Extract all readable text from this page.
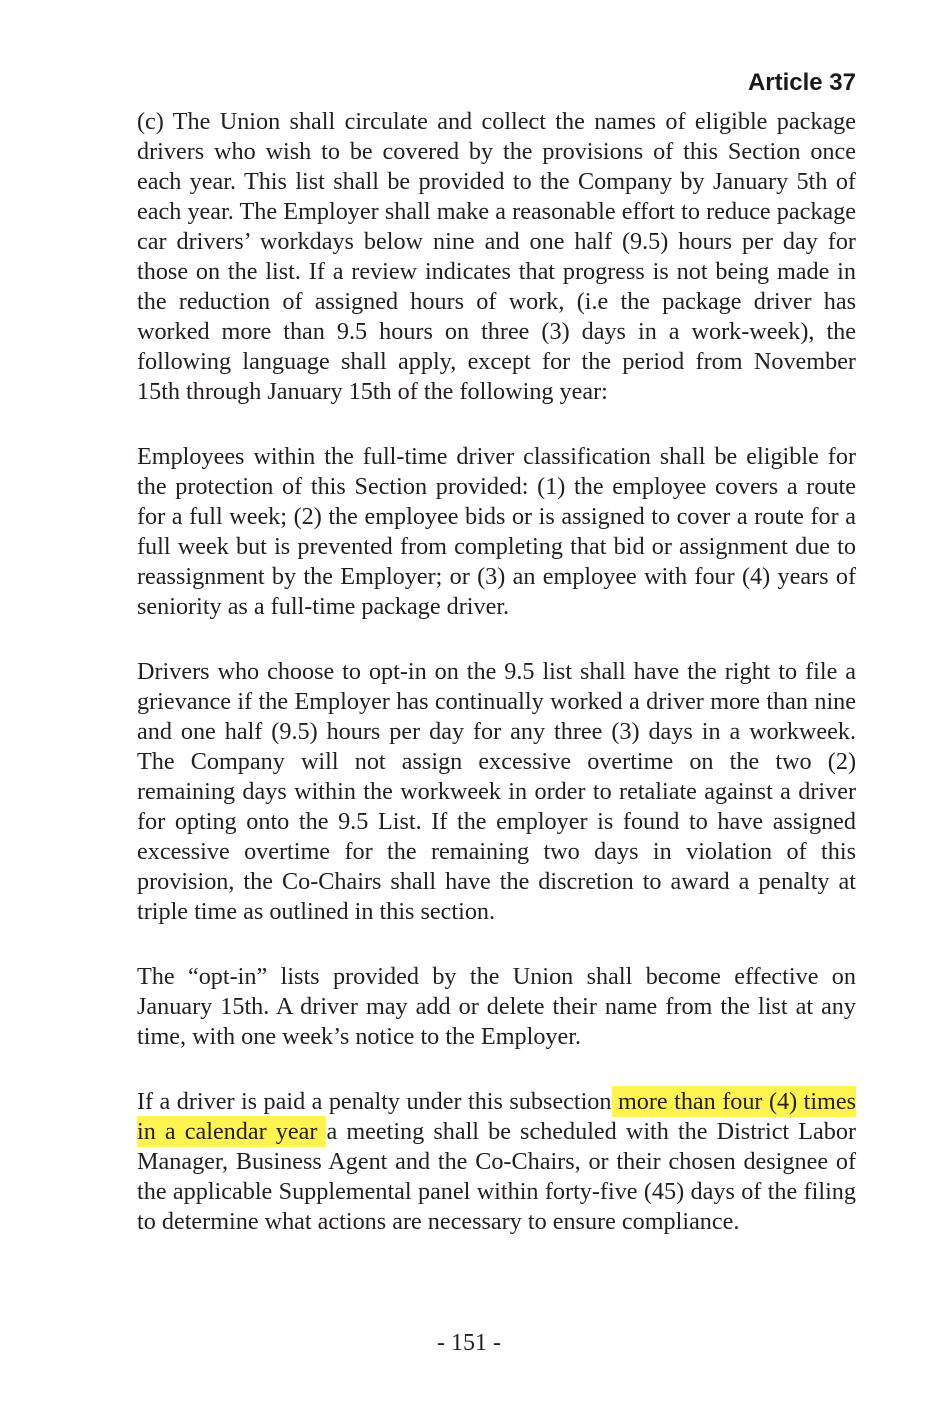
Article 37

(c) The Union shall circulate and collect the names of eligible package drivers who wish to be covered by the provisions of this Section once each year. This list shall be provided to the Company by January 5th of each year. The Employer shall make a reasonable effort to reduce package car drivers’ workdays below nine and one half (9.5) hours per day for those on the list. If a review indicates that progress is not being made in the reduction of assigned hours of work, (i.e the package driver has worked more than 9.5 hours on three (3) days in a work-week), the following language shall apply, except for the period from November 15th through January 15th of the following year:

Employees within the full-time driver classification shall be eligible for the protection of this Section provided: (1) the employee covers a route for a full week; (2) the employee bids or is assigned to cover a route for a full week but is prevented from completing that bid or assignment due to reassignment by the Employer; or (3) an employee with four (4) years of seniority as a full-time package driver.

Drivers who choose to opt-in on the 9.5 list shall have the right to file a grievance if the Employer has continually worked a driver more than nine and one half (9.5) hours per day for any three (3) days in a workweek. The Company will not assign excessive overtime on the two (2) remaining days within the workweek in order to retaliate against a driver for opting onto the 9.5 List. If the employer is found to have assigned excessive overtime for the remaining two days in violation of this provision, the Co-Chairs shall have the discretion to award a penalty at triple time as outlined in this section.

The “opt-in” lists provided by the Union shall become effective on January 15th. A driver may add or delete their name from the list at any time, with one week’s notice to the Employer.

If a driver is paid a penalty under this subsection more than four (4) times in a calendar year a meeting shall be scheduled with the District Labor Manager, Business Agent and the Co-Chairs, or their chosen designee of the applicable Supplemental panel within forty-five (45) days of the filing to determine what actions are necessary to ensure compliance.

- 151 -
